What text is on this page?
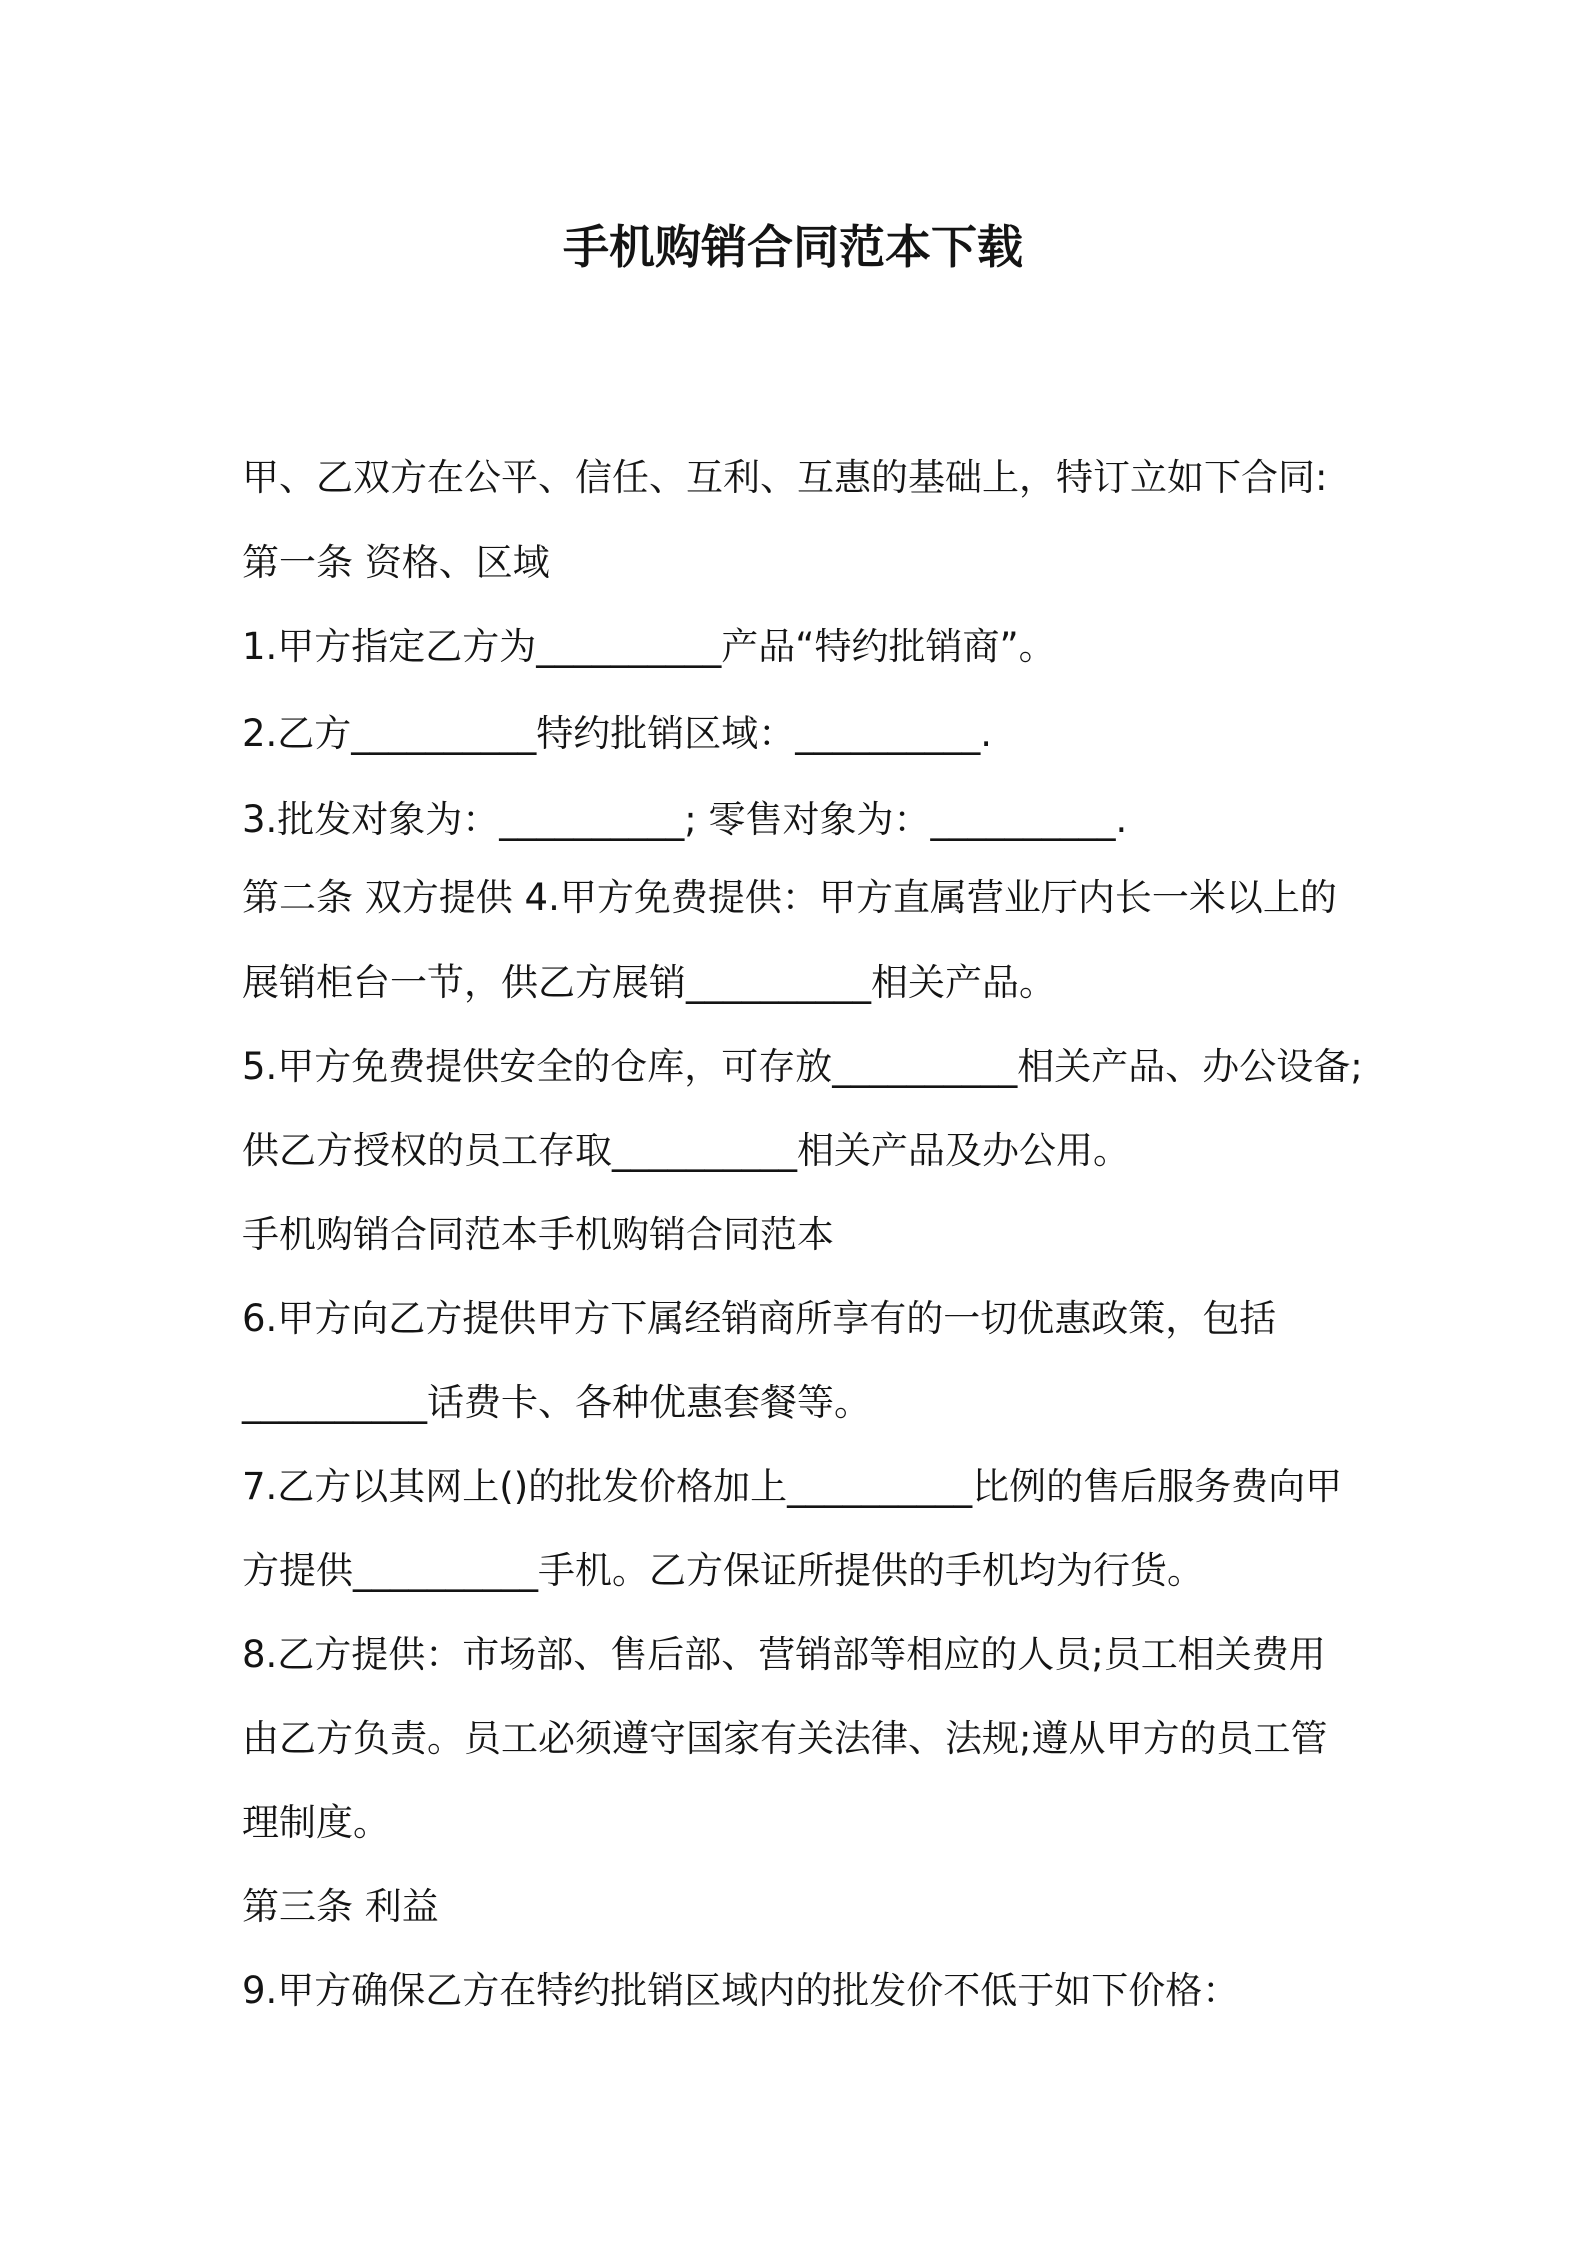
手机购销合同范本下载
甲、乙双方在公平、信任、互利、互惠的基础上，特订立如下合同:
第一条 资格、区域
1.甲方指定乙方为__________产品“特约批销商”。
2.乙方__________特约批销区域：__________.
3.批发对象为：__________; 零售对象为：__________.
第二条 双方提供 4.甲方免费提供：甲方直属营业厅内长一米以上的
展销柜台一节，供乙方展销__________相关产品。
5.甲方免费提供安全的仓库，可存放__________相关产品、办公设备;
供乙方授权的员工存取__________相关产品及办公用。
手机购销合同范本手机购销合同范本
6.甲方向乙方提供甲方下属经销商所享有的一切优惠政策，包括
__________话费卡、各种优惠套餐等。
7.乙方以其网上()的批发价格加上__________比例的售后服务费向甲
方提供__________手机。乙方保证所提供的手机均为行货。
8.乙方提供：市场部、售后部、营销部等相应的人员;员工相关费用
由乙方负责。员工必须遵守国家有关法律、法规;遵从甲方的员工管
理制度。
第三条 利益
9.甲方确保乙方在特约批销区域内的批发价不低于如下价格：
